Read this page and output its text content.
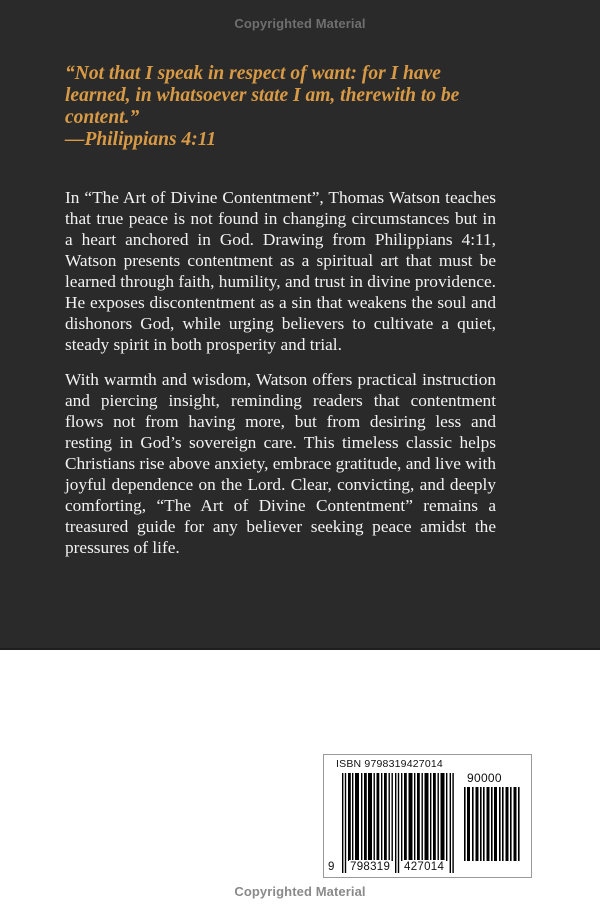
Copyrighted Material
“Not that I speak in respect of want: for I have learned, in whatsoever state I am, therewith to be content.”
—Philippians 4:11

In “The Art of Divine Contentment”, Thomas Watson teaches that true peace is not found in changing circumstances but in a heart anchored in God. Drawing from Philippians 4:11, Watson presents contentment as a spiritual art that must be learned through faith, humility, and trust in divine providence. He exposes discontentment as a sin that weakens the soul and dishonors God, while urging believers to cultivate a quiet, steady spirit in both prosperity and trial.

With warmth and wisdom, Watson offers practical instruction and piercing insight, reminding readers that contentment flows not from having more, but from desiring less and resting in God’s sovereign care. This timeless classic helps Christians rise above anxiety, embrace gratitude, and live with joyful dependence on the Lord. Clear, convicting, and deeply comforting, “The Art of Divine Contentment” remains a treasured guide for any believer seeking peace amidst the pressures of life.

ISBN 9798319427014
90000
9 798319 427014
Copyrighted Material
